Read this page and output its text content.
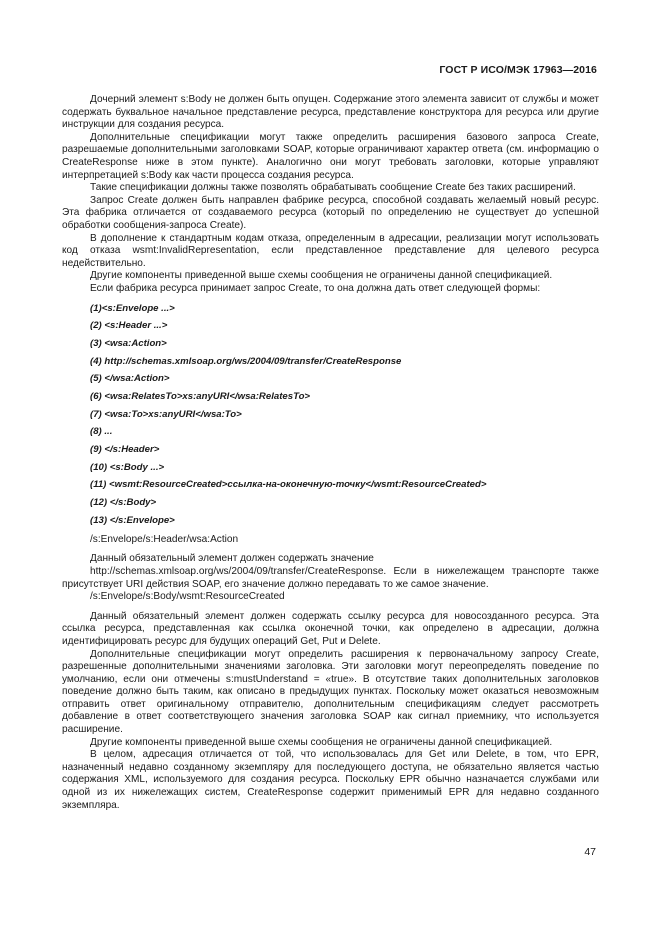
ГОСТ Р ИСО/МЭК 17963—2016

Дочерний элемент s:Body не должен быть опущен. Содержание этого элемента зависит от службы и может содержать буквальное начальное представление ресурса, представление конструктора для ресурса или другие инструкции для создания ресурса.

Дополнительные спецификации могут также определить расширения базового запроса Create, разрешаемые дополнительными заголовками SOAP, которые ограничивают характер ответа (см. информацию о CreateResponse ниже в этом пункте). Аналогично они могут требовать заголовки, которые управляют интерпретацией s:Body как части процесса создания ресурса.

Такие спецификации должны также позволять обрабатывать сообщение Create без таких расширений.

Запрос Create должен быть направлен фабрике ресурса, способной создавать желаемый новый ресурс. Эта фабрика отличается от создаваемого ресурса (который по определению не существует до успешной обработки сообщения-запроса Create).

В дополнение к стандартным кодам отказа, определенным в адресации, реализации могут использовать код отказа wsmt:InvalidRepresentation, если представленное представление для целевого ресурса недействительно.

Другие компоненты приведенной выше схемы сообщения не ограничены данной спецификацией.

Если фабрика ресурса принимает запрос Create, то она должна дать ответ следующей формы:

(1)<s:Envelope ...>

(2) <s:Header ...>

(3) <wsa:Action>

(4) http://schemas.xmlsoap.org/ws/2004/09/transfer/CreateResponse

(5) </wsa:Action>

(6) <wsa:RelatesTo>xs:anyURI</wsa:RelatesTo>

(7) <wsa:To>xs:anyURI</wsa:To>

(8) ...

(9) </s:Header>

(10) <s:Body ...>

(11) <wsmt:ResourceCreated>ссылка-на-оконечную-точку</wsmt:ResourceCreated>

(12) </s:Body>

(13) </s:Envelope>

/s:Envelope/s:Header/wsa:Action

Данный обязательный элемент должен содержать значение

http://schemas.xmlsoap.org/ws/2004/09/transfer/CreateResponse. Если в нижележащем транспорте также присутствует URI действия SOAP, его значение должно передавать то же самое значение.

/s:Envelope/s:Body/wsmt:ResourceCreated

Данный обязательный элемент должен содержать ссылку ресурса для новосозданного ресурса. Эта ссылка ресурса, представленная как ссылка оконечной точки, как определено в адресации, должна идентифицировать ресурс для будущих операций Get, Put и Delete.

Дополнительные спецификации могут определить расширения к первоначальному запросу Create, разрешенные дополнительными значениями заголовка. Эти заголовки могут переопределять поведение по умолчанию, если они отмечены s:mustUnderstand = «true». В отсутствие таких дополнительных заголовков поведение должно быть таким, как описано в предыдущих пунктах. Поскольку может оказаться невозможным отправить ответ оригинальному отправителю, дополнительным спецификациям следует рассмотреть добавление в ответ соответствующего значения заголовка SOAP как сигнал приемнику, что используется расширение.

Другие компоненты приведенной выше схемы сообщения не ограничены данной спецификацией.

В целом, адресация отличается от той, что использовалась для Get или Delete, в том, что EPR, назначенный недавно созданному экземпляру для последующего доступа, не обязательно является частью содержания XML, используемого для создания ресурса. Поскольку EPR обычно назначается службами или одной из их нижележащих систем, CreateResponse содержит применимый EPR для недавно созданного экземпляра.

47
